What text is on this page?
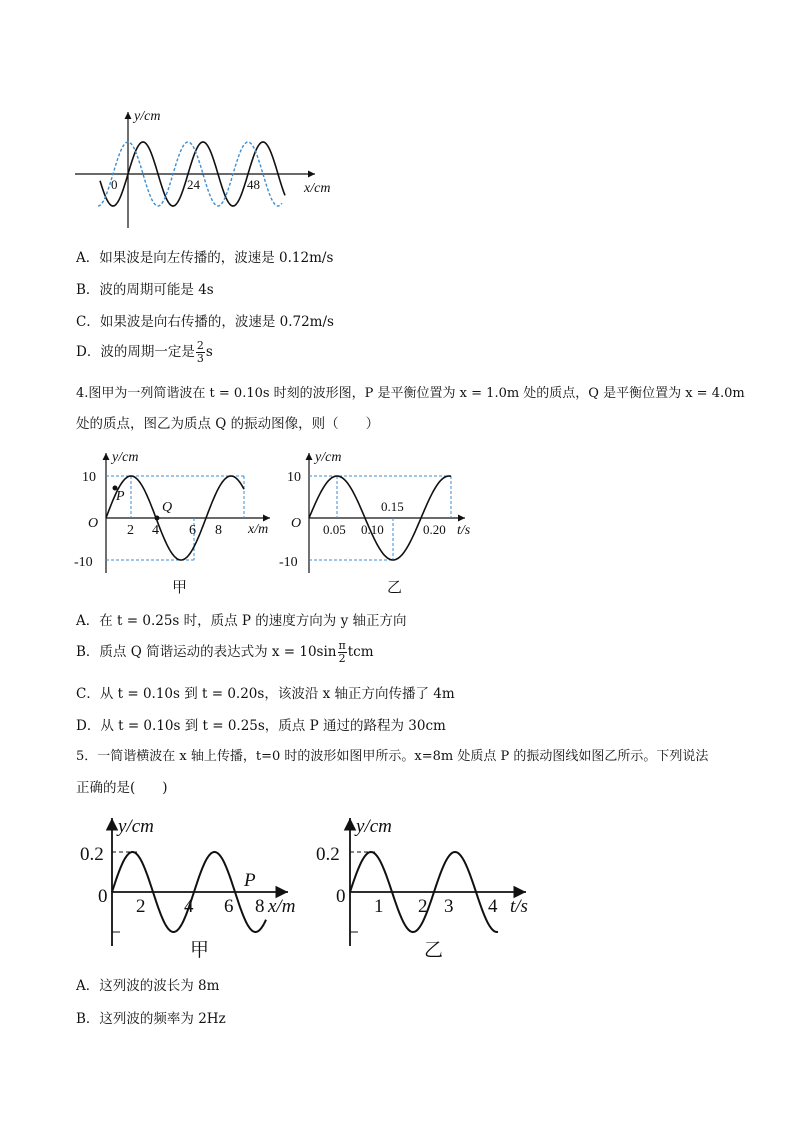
y/cm
x/cm
0	24	48
A．如果波是向左传播的，波速是 0.12m/s
B．波的周期可能是 4s
C．如果波是向右传播的，波速是 0.72m/s
D．波的周期一定是 $\frac{2}{3}$ s
4.图甲为一列简谐波在 t = 0.10s 时刻的波形图，P 是平衡位置为 x = 1.0m 处的质点，Q 是平衡位置为 x = 4.0m
处的质点，图乙为质点 Q 的振动图像，则（　　）
y/cm
x/m
O
10
-10
2 4 6 8
P
Q
甲
y/cm
t/s
O
10
-10
0.05 0.10
0.15
0.20
乙
A．在 t = 0.25s 时，质点 P 的速度方向为 y 轴正方向
B．质点 Q 简谐运动的表达式为 $x = 10\sin \frac{\pi}{2}$ tcm
C．从 t = 0.10s 到 t = 0.20s，该波沿 x 轴正方向传播了 4m
D．从 t = 0.10s 到 t = 0.25s，质点 P 通过的路程为 30cm
5．一简谐横波在 x 轴上传播，t=0 时的波形如图甲所示。x=8m 处质点 P 的振动图线如图乙所示。下列说法
正确的是(　　)
y/cm
x/m
0
0.2
2 4 6 8
P
甲
y/cm
t/s
0
0.2
1 2 3 4
乙
A．这列波的波长为 8m
B．这列波的频率为 2Hz
